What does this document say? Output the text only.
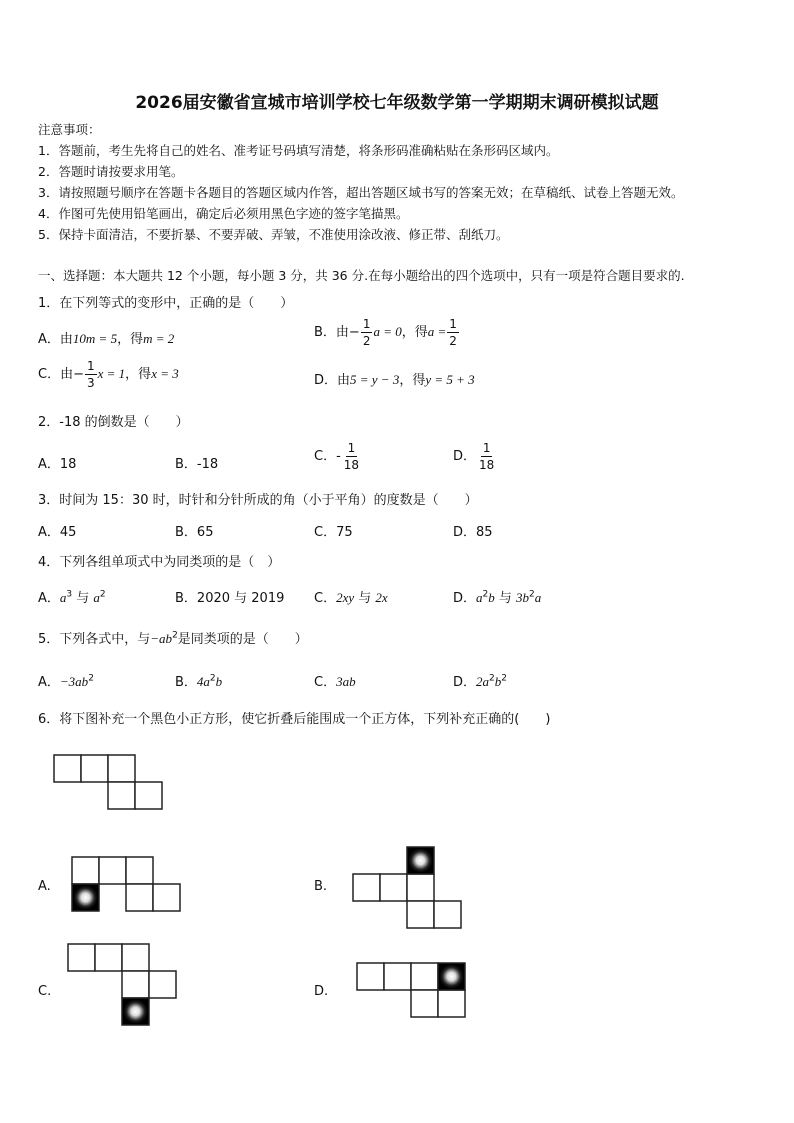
2026届安徽省宣城市培训学校七年级数学第一学期期末调研模拟试题
注意事项：
1．答题前，考生先将自己的姓名、准考证号码填写清楚，将条形码准确粘贴在条形码区域内。
2．答题时请按要求用笔。
3．请按照题号顺序在答题卡各题目的答题区域内作答，超出答题区域书写的答案无效；在草稿纸、试卷上答题无效。
4．作图可先使用铅笔画出，确定后必须用黑色字迹的签字笔描黑。
5．保持卡面清洁，不要折暴、不要弄破、弄皱，不准使用涂改液、修正带、刮纸刀。
一、选择题：本大题共 12 个小题，每小题 3 分，共 36 分.在每小题给出的四个选项中，只有一项是符合题目要求的.
1．在下列等式的变形中，正确的是（　　）
A．由10m = 5，得m = 2	B．由− $\frac{1}{2}$ a = 0，得$a = \frac{1}{2}$
C．由− $\frac{1}{3}$ x = 1，得x = 3	D．由5 = y − 3，得y = 5 + 3
2．-18 的倒数是（　　）
A．18	B．-18
C．- $\frac{1}{18}$	D． $\frac{1}{18}$
3．时间为 15：30 时，时针和分针所成的角（小于平角）的度数是（　　）
A．45	B．65	C．75	D．85
4．下列各组单项式中为同类项的是（　）
A．$a^3$ 与 $a^2$	B．2020 与 2019 C．2xy 与 2x	D．$a^2b$ 与 $3b^2a$
5．下列各式中，与$-ab^2$是同类项的是（　　）
A．$-3ab^2$	B．$4a^2b$	C．3ab	D．$2a^2b^2$
6．将下图补充一个黑色小正方形，使它折叠后能围成一个正方体，下列补充正确的(　　)
A.	B.
C.	D.
